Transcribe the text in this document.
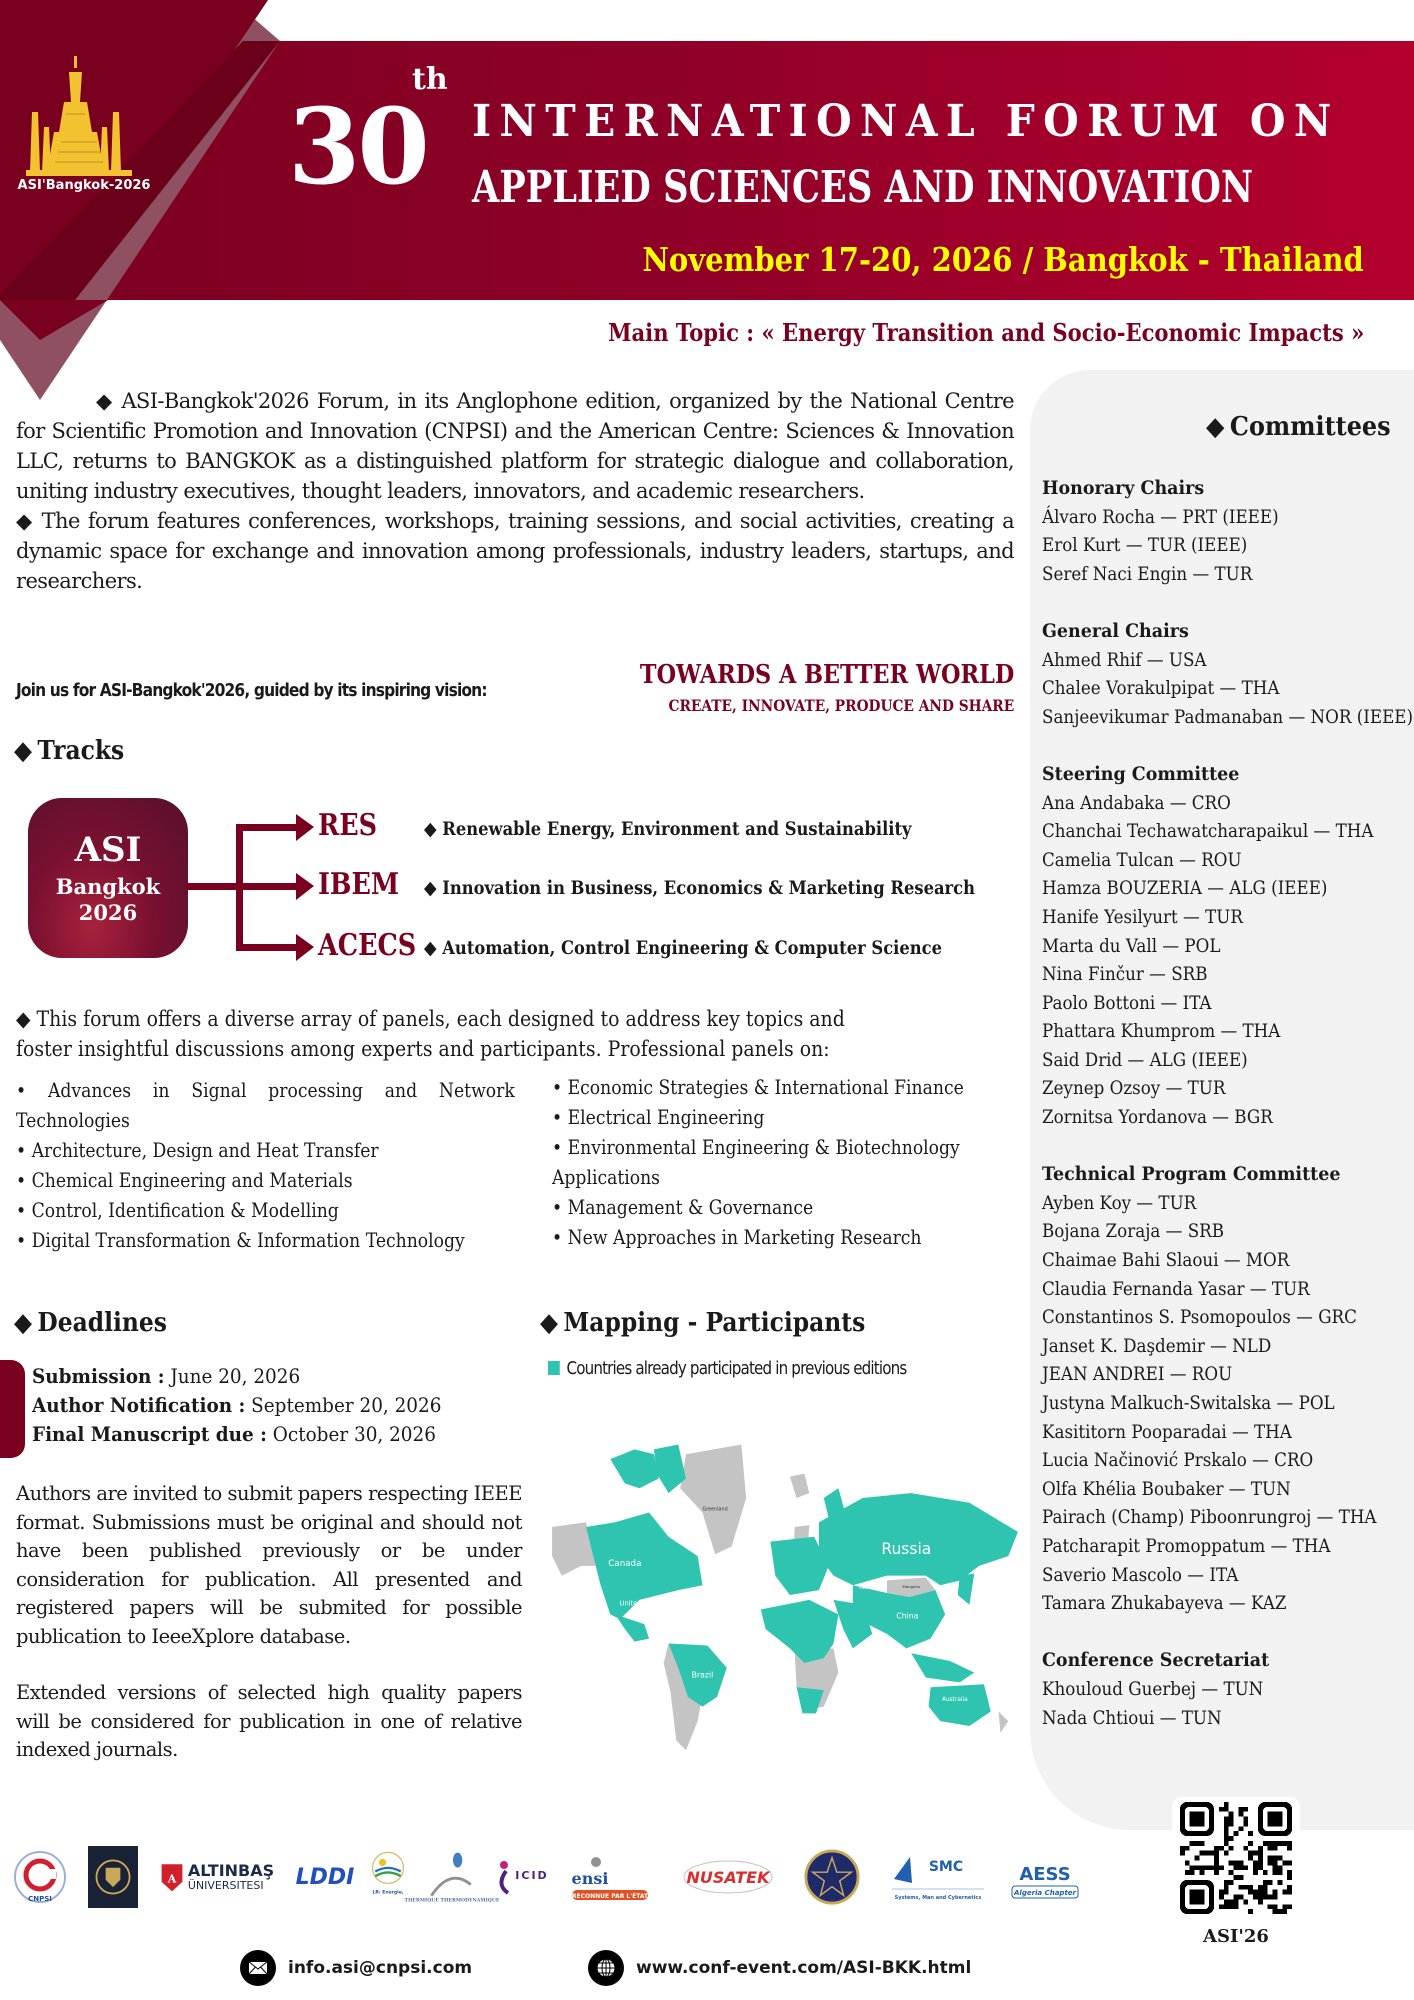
ASI'Bangkok-2026
th
30 INTERNATIONAL FORUM ON
APPLIED SCIENCES AND INNOVATION
November 17-20, 2026 / Bangkok - Thailand
Main Topic : « Energy Transition and Socio-Economic Impacts »

◆ ASI-Bangkok'2026 Forum, in its Anglophone edition, organized by the National Centre for Scientific Promotion and Innovation (CNPSI) and the American Centre: Sciences & Innovation LLC, returns to BANGKOK as a distinguished platform for strategic dialogue and collaboration, uniting industry executives, thought leaders, innovators, and academic researchers.

◆ The forum features conferences, workshops, training sessions, and social activities, creating a dynamic space for exchange and innovation among professionals, industry leaders, startups, and researchers.

Join us for ASI-Bangkok'2026, guided by its inspiring vision:
TOWARDS A BETTER WORLD
CREATE, INNOVATE, PRODUCE AND SHARE
◆ Tracks
ASI
Bangkok
2026
RES
IBEM
ACECS
◆ Renewable Energy, Environment and Sustainability
◆ Innovation in Business, Economics & Marketing Research
◆ Automation, Control Engineering & Computer Science
◆ This forum offers a diverse array of panels, each designed to address key topics and
foster insightful discussions among experts and participants. Professional panels on:
• Advances in Signal processing and Network
Technologies
• Architecture, Design and Heat Transfer
• Chemical Engineering and Materials
• Control, Identification & Modelling
• Digital Transformation & Information Technology
• Economic Strategies & International Finance
• Electrical Engineering
• Environmental Engineering & Biotechnology
Applications
• Management & Governance
• New Approaches in Marketing Research
◆ Deadlines
Submission : June 20, 2026
Author Notification : September 20, 2026
Final Manuscript due : October 30, 2026

Authors are invited to submit papers respecting IEEE format. Submissions must be original and should not have been published previously or be under consideration for publication. All presented and registered papers will be submited for possible publication to IeeeXplore database.

Extended versions of selected high quality papers will be considered for publication in one of relative indexed journals.

◆ Mapping - Participants
Countries already participated in previous editions
Canada
United States
Greenland
Brazil
Russia
China
Australia
Kazakhstan	Mongolia
◆ Committees
Honorary Chairs
Álvaro Rocha — PRT (IEEE)
Erol Kurt — TUR (IEEE)
Seref Naci Engin — TUR
General Chairs
Ahmed Rhif — USA
Chalee Vorakulpipat — THA
Sanjeevikumar Padmanaban — NOR (IEEE)
Steering Committee
Ana Andabaka — CRO
Chanchai Techawatcharapaikul — THA
Camelia Tulcan — ROU
Hamza BOUZERIA — ALG (IEEE)
Hanife Yesilyurt — TUR
Marta du Vall — POL
Nina Finčur — SRB
Paolo Bottoni — ITA
Phattara Khumprom — THA
Said Drid — ALG (IEEE)
Zeynep Ozsoy — TUR
Zornitsa Yordanova — BGR
Technical Program Committee
Ayben Koy — TUR
Bojana Zoraja — SRB
Chaimae Bahi Slaoui — MOR
Claudia Fernanda Yasar — TUR
Constantinos S. Psomopoulos — GRC
Janset K. Daşdemir — NLD
JEAN ANDREI — ROU
Justyna Malkuch-Switalska — POL
Kasititorn Pooparadai — THA
Lucia Načinović Prskalo — CRO
Olfa Khélia Boubaker — TUN
Pairach (Champ) Piboonrungroj — THA
Patcharapit Promoppatum — THA
Saverio Mascolo — ITA
Tamara Zhukabayeva — KAZ
Conference Secretariat
Khouloud Guerbej — TUN
Nada Chtioui — TUN
ASI'26
CNPSI
A ALTINBAŞ
ÜNIVERSITESI	LDDI
LR: Energie,
THERMIQUE THERMODYNAMIQUE
ICID ensi
RECONNUE PAR L'ÉTAT
NUSATEK
SMC
Systems, Man and Cybernetics
AESS
Algeria Chapter
info.asi@cnpsi.com	www.conf-event.com/ASI-BKK.html
